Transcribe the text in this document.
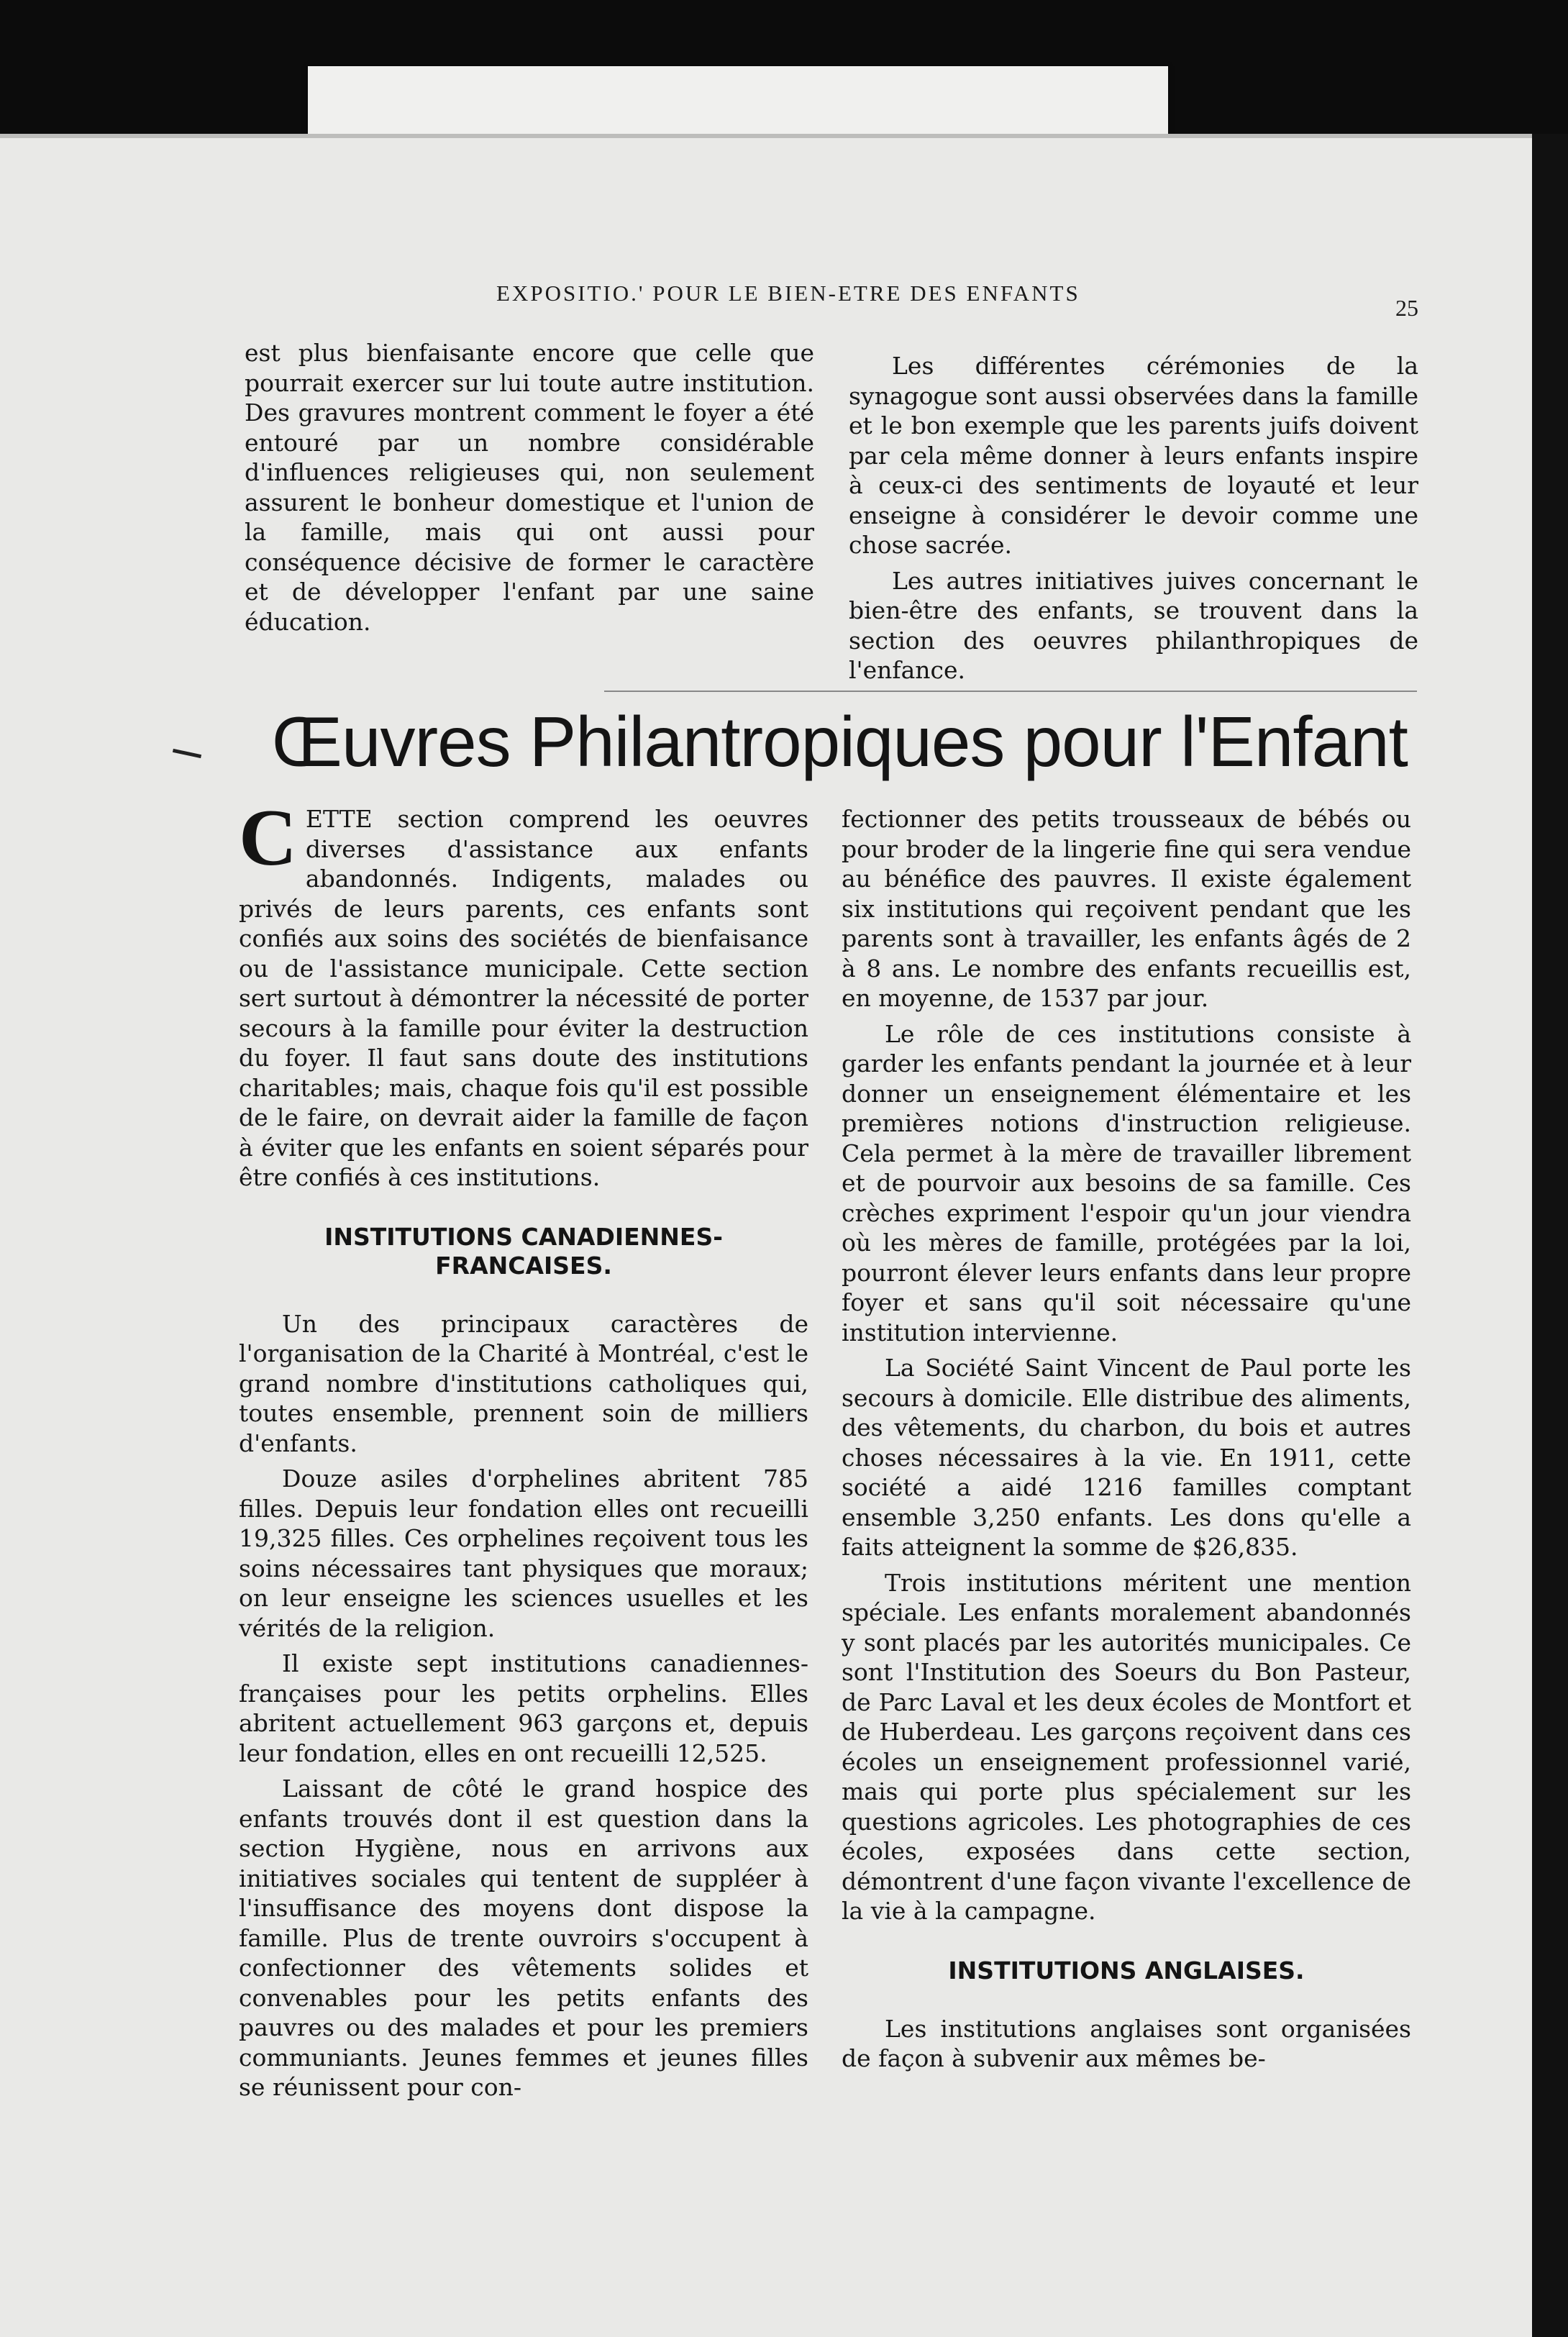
EXPOSITIO.' POUR LE BIEN-ETRE DES ENFANTS
25

est plus bienfaisante encore que celle que pourrait exercer sur lui toute autre institution. Des gravures montrent comment le foyer a été entouré par un nombre considérable d'influences religieuses qui, non seulement assurent le bonheur domestique et l'union de la famille, mais qui ont aussi pour conséquence décisive de former le caractère et de développer l'enfant par une saine éducation.

Les différentes cérémonies de la synagogue sont aussi observées dans la famille et le bon exemple que les parents juifs doivent par cela même donner à leurs enfants inspire à ceux-ci des sentiments de loyauté et leur enseigne à considérer le devoir comme une chose sacrée.

Les autres initiatives juives concernant le bien-être des enfants, se trouvent dans la section des oeuvres philanthropiques de l'enfance.

Œuvres Philantropiques pour l'Enfant

CETTE section comprend les oeuvres diverses d'assistance aux enfants abandonnés. Indigents, malades ou privés de leurs parents, ces enfants sont confiés aux soins des sociétés de bienfaisance ou de l'assistance municipale. Cette section sert surtout à démontrer la nécessité de porter secours à la famille pour éviter la destruction du foyer. Il faut sans doute des institutions charitables; mais, chaque fois qu'il est possible de le faire, on devrait aider la famille de façon à éviter que les enfants en soient séparés pour être confiés à ces institutions.

INSTITUTIONS CANADIENNES-FRANCAISES.

Un des principaux caractères de l'organisation de la Charité à Montréal, c'est le grand nombre d'institutions catholiques qui, toutes ensemble, prennent soin de milliers d'enfants.

Douze asiles d'orphelines abritent 785 filles. Depuis leur fondation elles ont recueilli 19,325 filles. Ces orphelines reçoivent tous les soins nécessaires tant physiques que moraux; on leur enseigne les sciences usuelles et les vérités de la religion.

Il existe sept institutions canadiennes-françaises pour les petits orphelins. Elles abritent actuellement 963 garçons et, depuis leur fondation, elles en ont recueilli 12,525.

Laissant de côté le grand hospice des enfants trouvés dont il est question dans la section Hygiène, nous en arrivons aux initiatives sociales qui tentent de suppléer à l'insuffisance des moyens dont dispose la famille. Plus de trente ouvroirs s'occupent à confectionner des vêtements solides et convenables pour les petits enfants des pauvres ou des malades et pour les premiers communiants. Jeunes femmes et jeunes filles se réunissent pour con-

fectionner des petits trousseaux de bébés ou pour broder de la lingerie fine qui sera vendue au bénéfice des pauvres. Il existe également six institutions qui reçoivent pendant que les parents sont à travailler, les enfants âgés de 2 à 8 ans. Le nombre des enfants recueillis est, en moyenne, de 1537 par jour.

Le rôle de ces institutions consiste à garder les enfants pendant la journée et à leur donner un enseignement élémentaire et les premières notions d'instruction religieuse. Cela permet à la mère de travailler librement et de pourvoir aux besoins de sa famille. Ces crèches expriment l'espoir qu'un jour viendra où les mères de famille, protégées par la loi, pourront élever leurs enfants dans leur propre foyer et sans qu'il soit nécessaire qu'une institution intervienne.

La Société Saint Vincent de Paul porte les secours à domicile. Elle distribue des aliments, des vêtements, du charbon, du bois et autres choses nécessaires à la vie. En 1911, cette société a aidé 1216 familles comptant ensemble 3,250 enfants. Les dons qu'elle a faits atteignent la somme de $26,835.

Trois institutions méritent une mention spéciale. Les enfants moralement abandonnés y sont placés par les autorités municipales. Ce sont l'Institution des Soeurs du Bon Pasteur, de Parc Laval et les deux écoles de Montfort et de Huberdeau. Les garçons reçoivent dans ces écoles un enseignement professionnel varié, mais qui porte plus spécialement sur les questions agricoles. Les photographies de ces écoles, exposées dans cette section, démontrent d'une façon vivante l'excellence de la vie à la campagne.

INSTITUTIONS ANGLAISES.

Les institutions anglaises sont organisées de façon à subvenir aux mêmes be-
